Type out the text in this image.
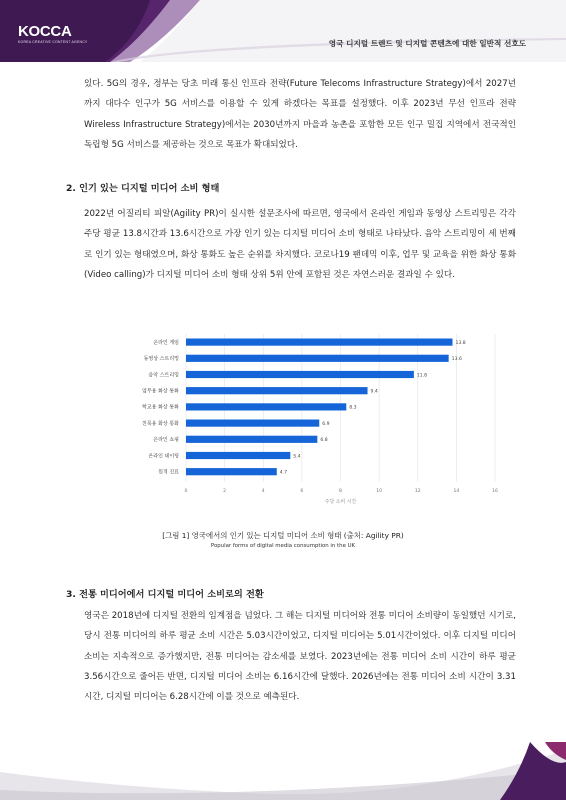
KOCCA
KOREA CREATIVE CONTENT AGENCY	영국 디지털 트렌드 및 디지털 콘텐츠에 대한 일반적 선호도

있다. 5G의 경우, 정부는 당초 미래 통신 인프라 전략(Future Telecoms Infrastructure Strategy)에서 2027년까지 대다수 인구가 5G 서비스를 이용할 수 있게 하겠다는 목표를 설정했다. 이후 2023년 무선 인프라 전략Wireless Infrastructure Strategy)에서는 2030년까지 마을과 농촌을 포함한 모든 인구 밀집 지역에서 전국적인 독립형 5G 서비스를 제공하는 것으로 목표가 확대되었다.

2. 인기 있는 디지털 미디어 소비 형태

2022년 어질리티 피알(Agility PR)이 실시한 설문조사에 따르면, 영국에서 온라인 게임과 동영상 스트리밍은 각각 주당 평균 13.8시간과 13.6시간으로 가장 인기 있는 디지털 미디어 소비 형태로 나타났다. 음악 스트리밍이 세 번째로 인기 있는 형태였으며, 화상 통화도 높은 순위를 차지했다. 코로나19 팬데믹 이후, 업무 및 교육을 위한 화상 통화(Video calling)가 디지털 미디어 소비 형태 상위 5위 안에 포함된 것은 자연스러운 결과일 수 있다.

0	2	4	6	8	10	12	14	16
온라인 게임	13.8
동영상 스트리밍	13.6
음악 스트리밍	11.8
업무용 화상 통화	9.4
학교용 화상 통화	8.3
친목용 화상 통화	6.9
온라인 쇼핑	6.8
온라인 데이팅	5.4
원격 진료	4.7
주당 소비 시간

[그림 1] 영국에서의 인기 있는 디지털 미디어 소비 형태 (출처: Agility PR)

Popular forms of digital media consumption in the UK

3. 전통 미디어에서 디지털 미디어 소비로의 전환

영국은 2018년에 디지털 전환의 임계점을 넘었다. 그 해는 디지털 미디어와 전통 미디어 소비량이 동일했던 시기로, 당시 전통 미디어의 하루 평균 소비 시간은 5.03시간이었고, 디지털 미디어는 5.01시간이었다. 이후 디지털 미디어 소비는 지속적으로 증가했지만, 전통 미디어는 감소세를 보였다. 2023년에는 전통 미디어 소비 시간이 하루 평균 3.56시간으로 줄어든 반면, 디지털 미디어 소비는 6.16시간에 달했다. 2026년에는 전통 미디어 소비 시간이 3.31시간, 디지털 미디어는 6.28시간에 이를 것으로 예측된다.
